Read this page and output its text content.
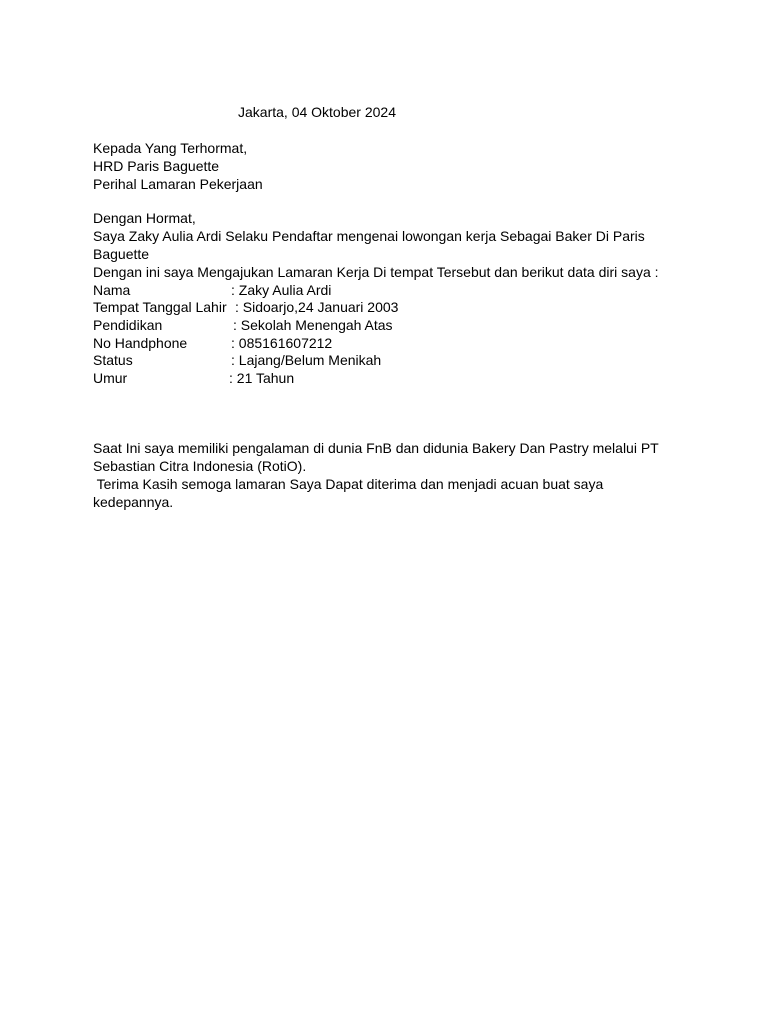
Jakarta, 04 Oktober 2024
Kepada Yang Terhormat,
HRD Paris Baguette
Perihal Lamaran Pekerjaan
Dengan Hormat,
Saya Zaky Aulia Ardi Selaku Pendaftar mengenai lowongan kerja Sebagai Baker Di Paris
Baguette
Dengan ini saya Mengajukan Lamaran Kerja Di tempat Tersebut dan berikut data diri saya :
Nama	: Zaky Aulia Ardi
Tempat Tanggal Lahir : Sidoarjo,24 Januari 2003
Pendidikan	: Sekolah Menengah Atas
No Handphone	: 085161607212
Status	: Lajang/Belum Menikah
Umur	: 21 Tahun
Saat Ini saya memiliki pengalaman di dunia FnB dan didunia Bakery Dan Pastry melalui PT
Sebastian Citra Indonesia (RotiO).
Terima Kasih semoga lamaran Saya Dapat diterima dan menjadi acuan buat saya
kedepannya.
